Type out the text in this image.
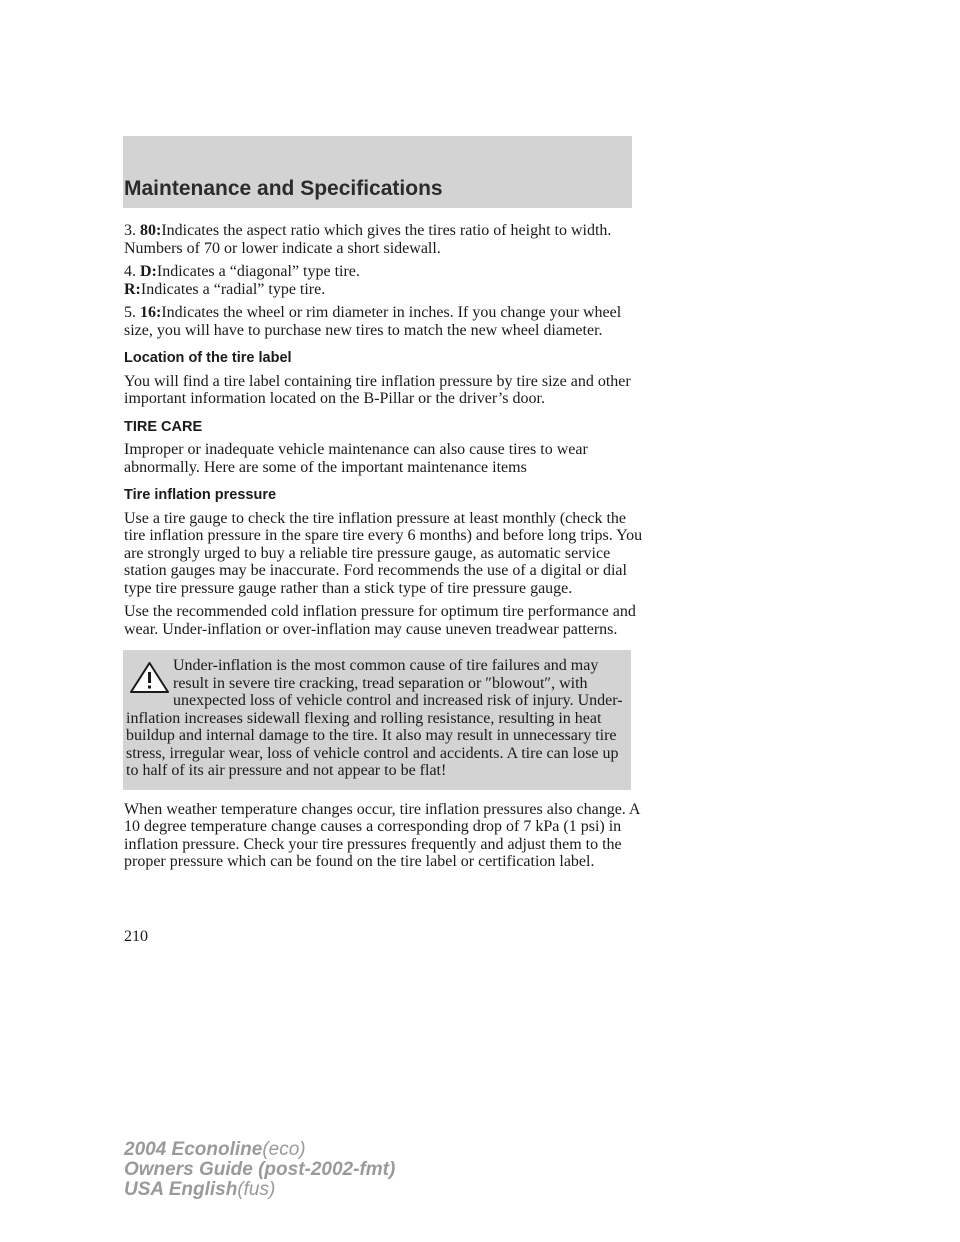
Maintenance and Specifications

3. 80:Indicates the aspect ratio which gives the tires ratio of height to width. Numbers of 70 or lower indicate a short sidewall.

4. D:Indicates a “diagonal” type tire.
R:Indicates a “radial” type tire.

5. 16:Indicates the wheel or rim diameter in inches. If you change your wheel size, you will have to purchase new tires to match the new wheel diameter.

Location of the tire label

You will find a tire label containing tire inflation pressure by tire size and other important information located on the B-Pillar or the driver’s door.

TIRE CARE

Improper or inadequate vehicle maintenance can also cause tires to wear abnormally. Here are some of the important maintenance items

Tire inflation pressure

Use a tire gauge to check the tire inflation pressure at least monthly (check the tire inflation pressure in the spare tire every 6 months) and before long trips. You are strongly urged to buy a reliable tire pressure gauge, as automatic service station gauges may be inaccurate. Ford recommends the use of a digital or dial type tire pressure gauge rather than a stick type of tire pressure gauge.

Use the recommended cold inflation pressure for optimum tire performance and wear. Under-inflation or over-inflation may cause uneven treadwear patterns.

Under-inflation is the most common cause of tire failures and may result in severe tire cracking, tread separation or ″blowout″, with unexpected loss of vehicle control and increased risk of injury. Under-inflation increases sidewall flexing and rolling resistance, resulting in heat buildup and internal damage to the tire. It also may result in unnecessary tire stress, irregular wear, loss of vehicle control and accidents. A tire can lose up to half of its air pressure and not appear to be flat!

When weather temperature changes occur, tire inflation pressures also change. A 10 degree temperature change causes a corresponding drop of 7 kPa (1 psi) in inflation pressure. Check your tire pressures frequently and adjust them to the proper pressure which can be found on the tire label or certification label.

210
2004 Econoline(eco)
Owners Guide (post-2002-fmt)
USA English(fus)
